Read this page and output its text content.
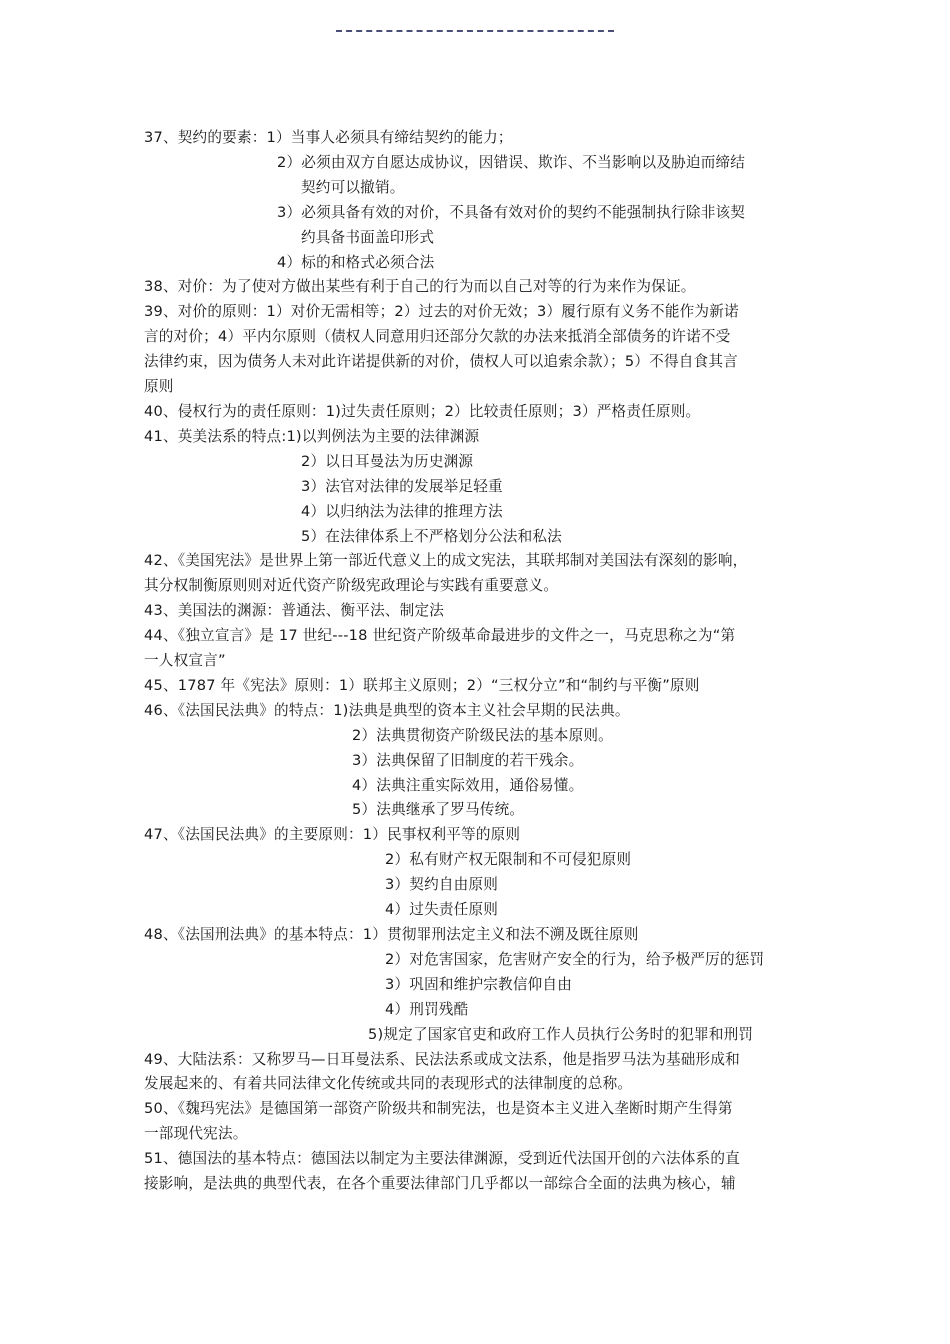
37、契约的要素：1）当事人必须具有缔结契约的能力；
2）必须由双方自愿达成协议，因错误、欺诈、不当影响以及胁迫而缔结
契约可以撤销。
3）必须具备有效的对价，不具备有效对价的契约不能强制执行除非该契
约具备书面盖印形式
4）标的和格式必须合法
38、对价：为了使对方做出某些有利于自己的行为而以自己对等的行为来作为保证。
39、对价的原则：1）对价无需相等；2）过去的对价无效；3）履行原有义务不能作为新诺
言的对价；4）平内尔原则（债权人同意用归还部分欠款的办法来抵消全部债务的许诺不受
法律约束，因为债务人未对此许诺提供新的对价，债权人可以追索余款）；5）不得自食其言
原则
40、侵权行为的责任原则：1)过失责任原则；2）比较责任原则；3）严格责任原则。
41、英美法系的特点:1)以判例法为主要的法律渊源
2）以日耳曼法为历史渊源
3）法官对法律的发展举足轻重
4）以归纳法为法律的推理方法
5）在法律体系上不严格划分公法和私法
42、《美国宪法》是世界上第一部近代意义上的成文宪法，其联邦制对美国法有深刻的影响，
其分权制衡原则则对近代资产阶级宪政理论与实践有重要意义。
43、美国法的渊源：普通法、衡平法、制定法
44、《独立宣言》是 17 世纪---18 世纪资产阶级革命最进步的文件之一，马克思称之为“第
一人权宣言”
45、1787 年《宪法》原则：1）联邦主义原则；2）“三权分立”和“制约与平衡”原则
46、《法国民法典》的特点：1)法典是典型的资本主义社会早期的民法典。
2）法典贯彻资产阶级民法的基本原则。
3）法典保留了旧制度的若干残余。
4）法典注重实际效用，通俗易懂。
5）法典继承了罗马传统。
47、《法国民法典》的主要原则：1）民事权利平等的原则
2）私有财产权无限制和不可侵犯原则
3）契约自由原则
4）过失责任原则
48、《法国刑法典》的基本特点：1）贯彻罪刑法定主义和法不溯及既往原则
2）对危害国家，危害财产安全的行为，给予极严厉的惩罚
3）巩固和维护宗教信仰自由
4）刑罚残酷
5)规定了国家官吏和政府工作人员执行公务时的犯罪和刑罚
49、大陆法系：又称罗马—日耳曼法系、民法法系或成文法系，他是指罗马法为基础形成和
发展起来的、有着共同法律文化传统或共同的表现形式的法律制度的总称。
50、《魏玛宪法》是德国第一部资产阶级共和制宪法，也是资本主义进入垄断时期产生得第
一部现代宪法。
51、德国法的基本特点：德国法以制定为主要法律渊源，受到近代法国开创的六法体系的直
接影响，是法典的典型代表，在各个重要法律部门几乎都以一部综合全面的法典为核心，辅
